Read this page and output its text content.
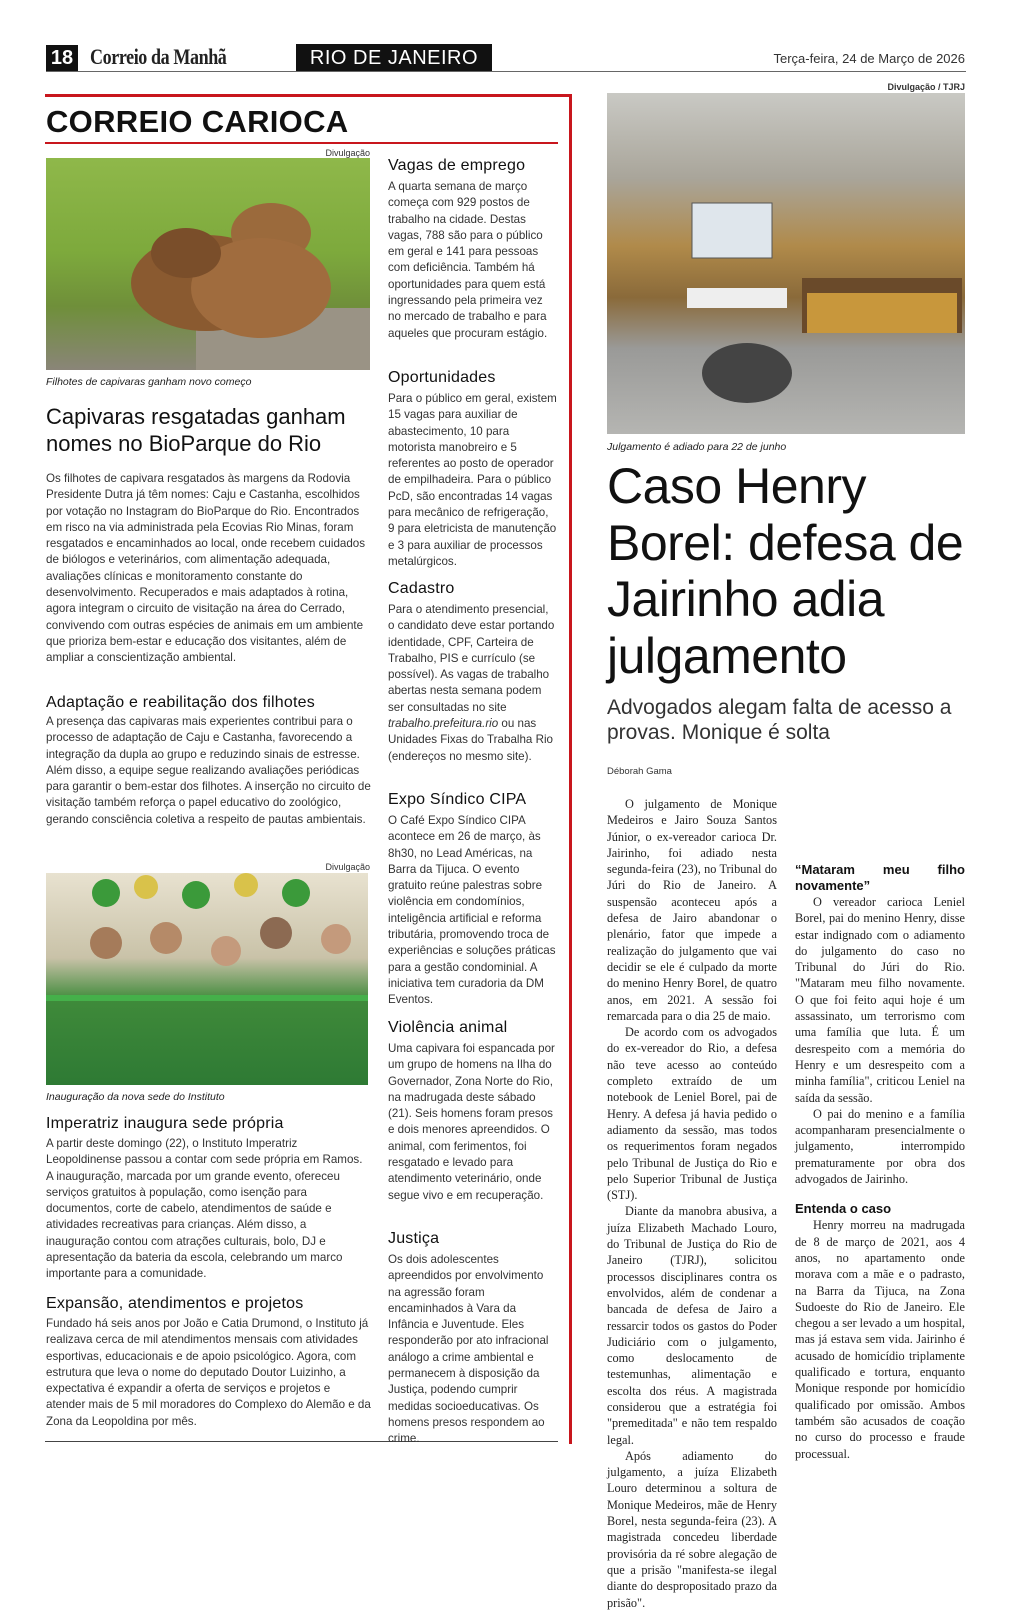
18 Correio da Manhã	RIO DE JANEIRO	Terça-feira, 24 de Março de 2026
CORREIO CARIOCA
Divulgação
Filhotes de capivaras ganham novo começo
Capivaras resgatadas ganham nomes no BioParque do Rio
Os filhotes de capivara resgatados às margens da Rodovia Presidente Dutra já têm nomes: Caju e Castanha, escolhidos por votação no Instagram do BioParque do Rio. Encontrados em risco na via administrada pela Ecovias Rio Minas, foram resgatados e encaminhados ao local, onde recebem cuidados de biólogos e veterinários, com alimentação adequada, avaliações clínicas e monitoramento constante do desenvolvimento. Recuperados e mais adaptados à rotina, agora integram o circuito de visitação na área do Cerrado, convivendo com outras espécies de animais em um ambiente que prioriza bem-estar e educação dos visitantes, além de ampliar a conscientização ambiental.
Adaptação e reabilitação dos filhotes
A presença das capivaras mais experientes contribui para o processo de adaptação de Caju e Castanha, favorecendo a integração da dupla ao grupo e reduzindo sinais de estresse. Além disso, a equipe segue realizando avaliações periódicas para garantir o bem-estar dos filhotes. A inserção no circuito de visitação também reforça o papel educativo do zoológico, gerando consciência coletiva a respeito de pautas ambientais.
Divulgação
Inauguração da nova sede do Instituto
Imperatriz inaugura sede própria
A partir deste domingo (22), o Instituto Imperatriz Leopoldinense passou a contar com sede própria em Ramos. A inauguração, marcada por um grande evento, ofereceu serviços gratuitos à população, como isenção para documentos, corte de cabelo, atendimentos de saúde e atividades recreativas para crianças. Além disso, a inauguração contou com atrações culturais, bolo, DJ e apresentação da bateria da escola, celebrando um marco importante para a comunidade.
Expansão, atendimentos e projetos
Fundado há seis anos por João e Catia Drumond, o Instituto já realizava cerca de mil atendimentos mensais com atividades esportivas, educacionais e de apoio psicológico. Agora, com estrutura que leva o nome do deputado Doutor Luizinho, a expectativa é expandir a oferta de serviços e projetos e atender mais de 5 mil moradores do Complexo do Alemão e da Zona da Leopoldina por mês.
Vagas de emprego
A quarta semana de março começa com 929 postos de trabalho na cidade. Destas vagas, 788 são para o público em geral e 141 para pessoas com deficiência. Também há oportunidades para quem está ingressando pela primeira vez no mercado de trabalho e para aqueles que procuram estágio.
Oportunidades
Para o público em geral, existem 15 vagas para auxiliar de abastecimento, 10 para motorista manobreiro e 5 referentes ao posto de operador de empilhadeira. Para o público PcD, são encontradas 14 vagas para mecânico de refrigeração, 9 para eletricista de manutenção e 3 para auxiliar de processos metalúrgicos.
Cadastro
Para o atendimento presencial, o candidato deve estar portando identidade, CPF, Carteira de Trabalho, PIS e currículo (se possível). As vagas de trabalho abertas nesta semana podem ser consultadas no site trabalho.prefeitura.rio ou nas Unidades Fixas do Trabalha Rio (endereços no mesmo site).
Expo Síndico CIPA
O Café Expo Síndico CIPA acontece em 26 de março, às 8h30, no Lead Américas, na Barra da Tijuca. O evento gratuito reúne palestras sobre violência em condomínios, inteligência artificial e reforma tributária, promovendo troca de experiências e soluções práticas para a gestão condominial. A iniciativa tem curadoria da DM Eventos.
Violência animal
Uma capivara foi espancada por um grupo de homens na Ilha do Governador, Zona Norte do Rio, na madrugada deste sábado (21). Seis homens foram presos e dois menores apreendidos. O animal, com ferimentos, foi resgatado e levado para atendimento veterinário, onde segue vivo e em recuperação.
Justiça
Os dois adolescentes apreendidos por envolvimento na agressão foram encaminhados à Vara da Infância e Juventude. Eles responderão por ato infracional análogo a crime ambiental e permanecem à disposição da Justiça, podendo cumprir medidas socioeducativas. Os homens presos respondem ao crime.
Divulgação / TJRJ
Julgamento é adiado para 22 de junho
Caso Henry Borel: defesa de Jairinho adia julgamento
Advogados alegam falta de acesso a provas. Monique é solta
Déborah Gama

O julgamento de Monique Medeiros e Jairo Souza Santos Júnior, o ex-vereador carioca Dr. Jairinho, foi adiado nesta segunda-feira (23), no Tribunal do Júri do Rio de Janeiro. A suspensão aconteceu após a defesa de Jairo abandonar o plenário, fator que impede a realização do julgamento que vai decidir se ele é culpado da morte do menino Henry Borel, de quatro anos, em 2021. A sessão foi remarcada para o dia 25 de maio.

De acordo com os advogados do ex-vereador do Rio, a defesa não teve acesso ao conteúdo completo extraído de um notebook de Leniel Borel, pai de Henry. A defesa já havia pedido o adiamento da sessão, mas todos os requerimentos foram negados pelo Tribunal de Justiça do Rio e pelo Superior Tribunal de Justiça (STJ).

Diante da manobra abusiva, a juíza Elizabeth Machado Louro, do Tribunal de Justiça do Rio de Janeiro (TJRJ), solicitou processos disciplinares contra os envolvidos, além de condenar a bancada de defesa de Jairo a ressarcir todos os gastos do Poder Judiciário com o julgamento, como deslocamento de testemunhas, alimentação e escolta dos réus. A magistrada considerou que a estratégia foi "premeditada" e não tem respaldo legal.

Após adiamento do julgamento, a juíza Elizabeth Louro determinou a soltura de Monique Medeiros, mãe de Henry Borel, nesta segunda-feira (23). A magistrada concedeu liberdade provisória da ré sobre alegação de que a prisão "manifesta-se ilegal diante do despropositado prazo da prisão".

“Mataram meu filho novamente”

O vereador carioca Leniel Borel, pai do menino Henry, disse estar indignado com o adiamento do julgamento do caso no Tribunal do Júri do Rio. "Mataram meu filho novamente. O que foi feito aqui hoje é um assassinato, um terrorismo com uma família que luta. É um desrespeito com a memória do Henry e um desrespeito com a minha família", criticou Leniel na saída da sessão.

O pai do menino e a família acompanharam presencialmente o julgamento, interrompido prematuramente por obra dos advogados de Jairinho.

Entenda o caso

Henry morreu na madrugada de 8 de março de 2021, aos 4 anos, no apartamento onde morava com a mãe e o padrasto, na Barra da Tijuca, na Zona Sudoeste do Rio de Janeiro. Ele chegou a ser levado a um hospital, mas já estava sem vida. Jairinho é acusado de homicídio triplamente qualificado e tortura, enquanto Monique responde por homicídio qualificado por omissão. Ambos também são acusados de coação no curso do processo e fraude processual.
